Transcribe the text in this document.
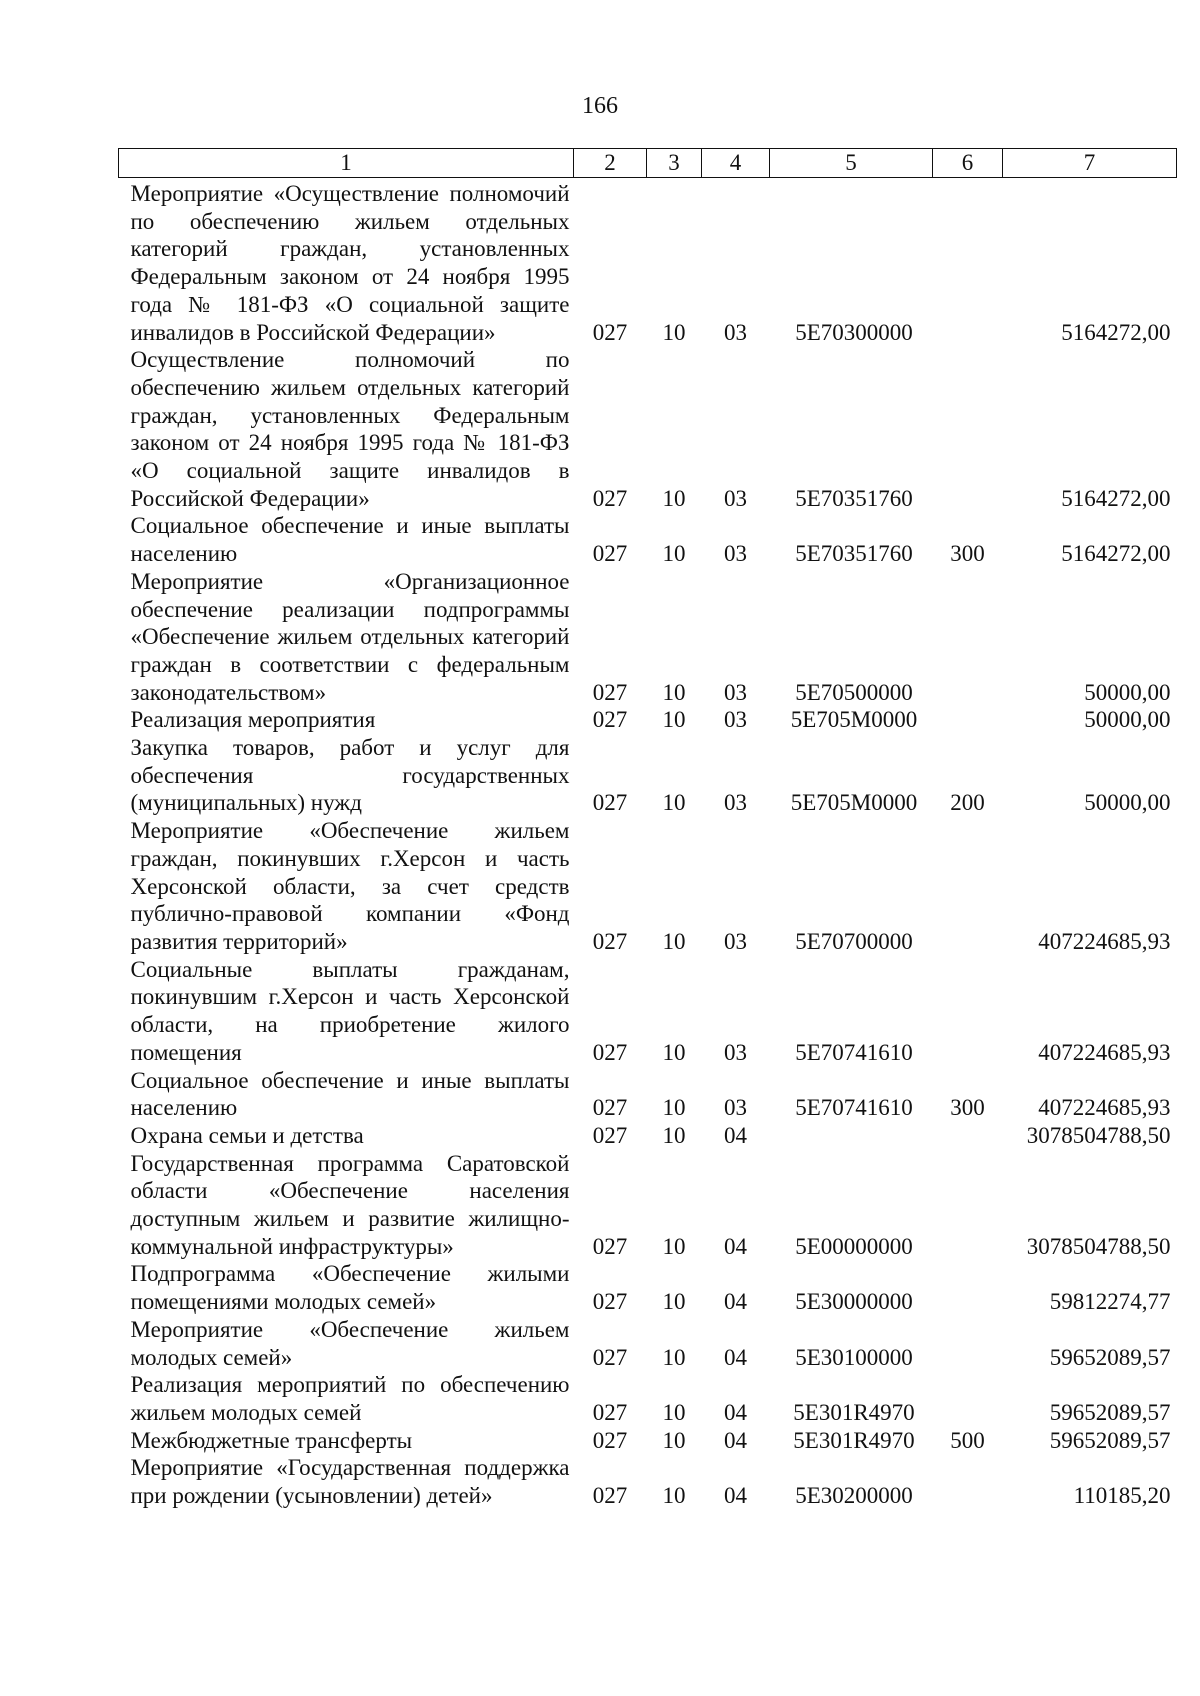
166
1	2	3	4	5	6	7
Мероприятие «Осуществление полномочий по обеспечению жильем отдельных категорий граждан, установленных Федеральным законом от 24 ноября 1995 года № 181-ФЗ «О социальной защите инвалидов в Российской Федерации»	027	10	03	5Е70300000		5164272,00
Осуществление полномочий по обеспечению жильем отдельных категорий граждан, установленных Федеральным законом от 24 ноября 1995 года № 181-ФЗ «О социальной защите инвалидов в Российской Федерации»	027	10	03	5Е70351760		5164272,00
Социальное обеспечение и иные выплаты населению	027	10	03	5Е70351760	300	5164272,00
Мероприятие «Организационное обеспечение реализации подпрограммы «Обеспечение жильем отдельных категорий граждан в соответствии с федеральным законодательством»	027	10	03	5Е70500000		50000,00
Реализация мероприятия	027	10	03	5Е705М0000		50000,00
Закупка товаров, работ и услуг для обеспечения государственных (муниципальных) нужд	027	10	03	5Е705М0000	200	50000,00
Мероприятие «Обеспечение жильем граждан, покинувших г.Херсон и часть Херсонской области, за счет средств публично-правовой компании «Фонд развития территорий»	027	10	03	5Е70700000		407224685,93
Социальные выплаты гражданам, покинувшим г.Херсон и часть Херсонской области, на приобретение жилого помещения	027	10	03	5Е70741610		407224685,93
Социальное обеспечение и иные выплаты населению	027	10	03	5Е70741610	300	407224685,93
Охрана семьи и детства	027	10	04			3078504788,50
Государственная программа Саратовской области «Обеспечение населения доступным жильем и развитие жилищно-коммунальной инфраструктуры»	027	10	04	5Е00000000		3078504788,50
Подпрограмма «Обеспечение жилыми помещениями молодых семей»	027	10	04	5Е30000000		59812274,77
Мероприятие «Обеспечение жильем молодых семей»	027	10	04	5Е30100000		59652089,57
Реализация мероприятий по обеспечению жильем молодых семей	027	10	04	5Е301R4970		59652089,57
Межбюджетные трансферты	027	10	04	5Е301R4970	500	59652089,57
Мероприятие «Государственная поддержка при рождении (усыновлении) детей»	027	10	04	5Е30200000		110185,20
